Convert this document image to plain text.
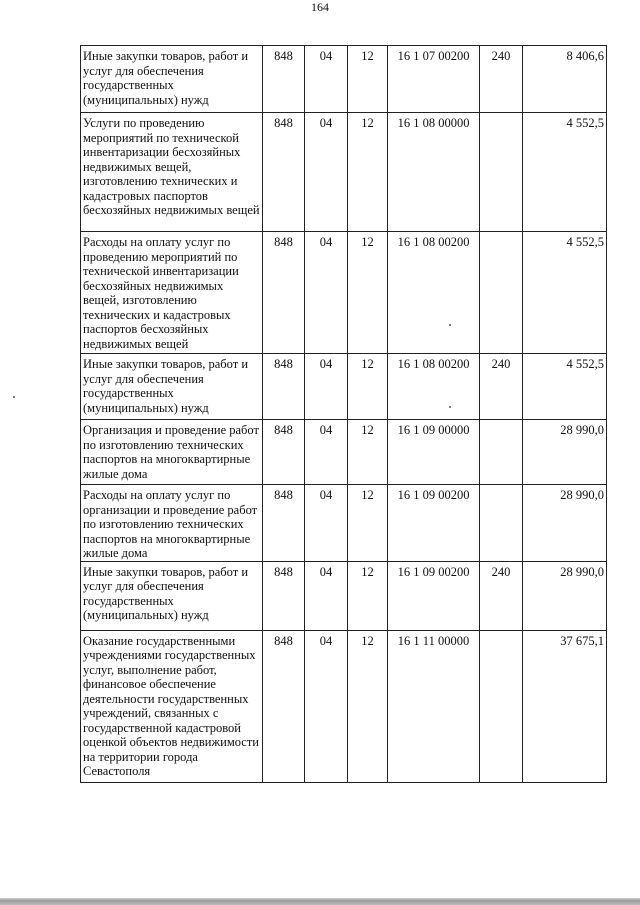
164
Иные закупки товаров, работ и услуг для обеспечения государственных (муниципальных) нужд	848	04	12	16 1 07 00200	240	8 406,6
Услуги по проведению мероприятий по технической инвентаризации бесхозяйных недвижимых вещей, изготовлению технических и кадастровых паспортов бесхозяйных недвижимых вещей	848	04	12	16 1 08 00000		4 552,5
Расходы на оплату услуг по проведению мероприятий по технической инвентаризации бесхозяйных недвижимых вещей, изготовлению технических и кадастровых паспортов бесхозяйных недвижимых вещей	848	04	12	16 1 08 00200		4 552,5
Иные закупки товаров, работ и услуг для обеспечения государственных (муниципальных) нужд	848	04	12	16 1 08 00200	240	4 552,5
Организация и проведение работ по изготовлению технических паспортов на многоквартирные жилые дома	848	04	12	16 1 09 00000		28 990,0
Расходы на оплату услуг по организации и проведение работ по изготовлению технических паспортов на многоквартирные жилые дома	848	04	12	16 1 09 00200		28 990,0
Иные закупки товаров, работ и услуг для обеспечения государственных (муниципальных) нужд	848	04	12	16 1 09 00200	240	28 990,0
Оказание государственными учреждениями государственных услуг, выполнение работ, финансовое обеспечение деятельности государственных учреждений, связанных с государственной кадастровой оценкой объектов недвижимости на территории города Севастополя	848	04	12	16 1 11 00000		37 675,1
